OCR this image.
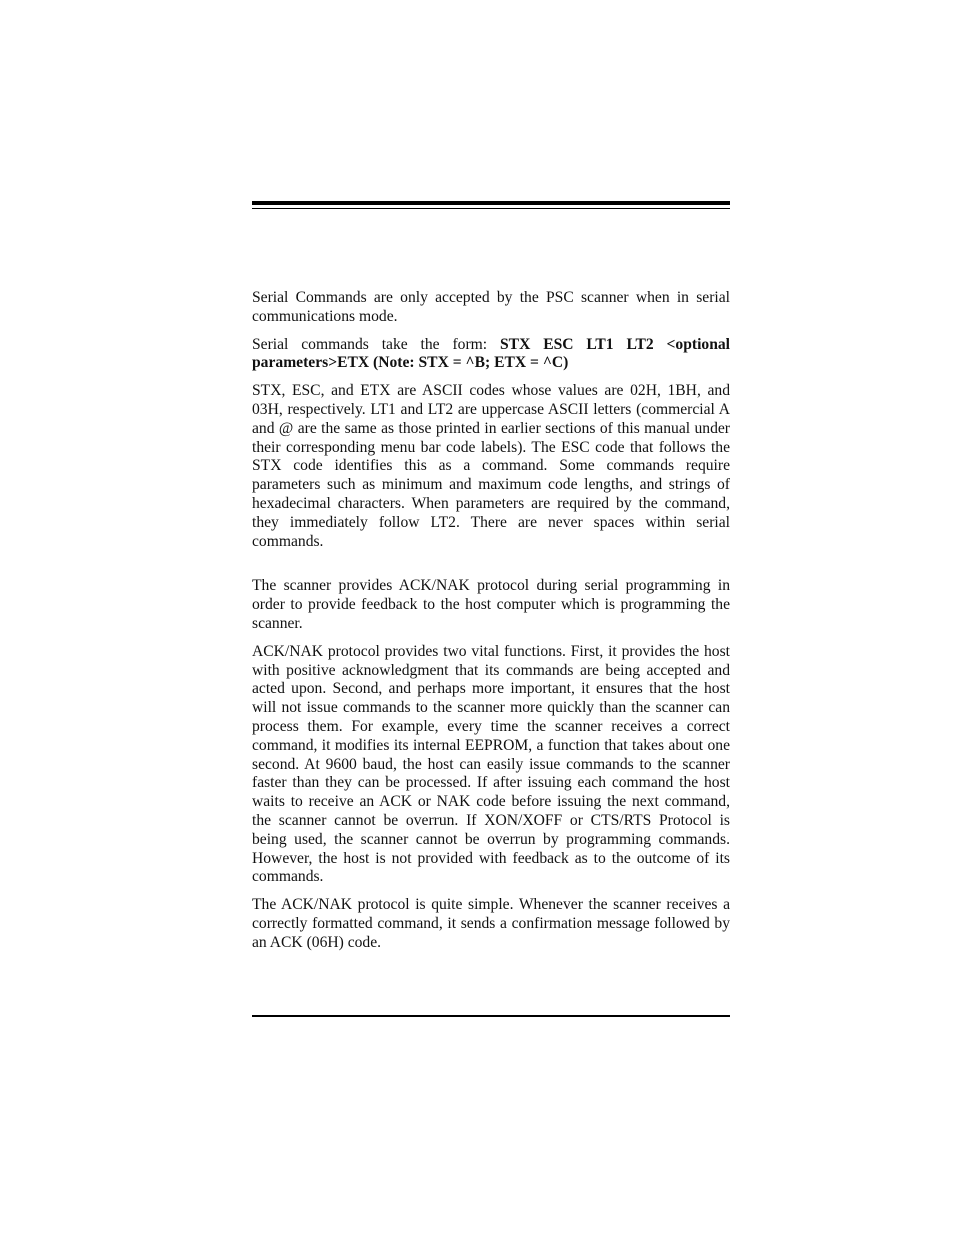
Serial Commands are only accepted by the PSC scanner when in serial communications mode.

Serial commands take the form: STX ESC LT1 LT2 <optional parameters>ETX (Note: STX = ^B; ETX = ^C)

STX, ESC, and ETX are ASCII codes whose values are 02H, 1BH, and 03H, respectively. LT1 and LT2 are uppercase ASCII letters (commercial A and @ are the same as those printed in earlier sections of this manual under their corresponding menu bar code labels). The ESC code that follows the STX code identifies this as a command. Some commands require parameters such as minimum and maximum code lengths, and strings of hexadecimal characters. When parameters are required by the command, they immediately follow LT2. There are never spaces within serial commands.

The scanner provides ACK/NAK protocol during serial programming in order to provide feedback to the host computer which is programming the scanner.

ACK/NAK protocol provides two vital functions. First, it provides the host with positive acknowledgment that its commands are being accepted and acted upon. Second, and perhaps more important, it ensures that the host will not issue commands to the scanner more quickly than the scanner can process them. For example, every time the scanner receives a correct command, it modifies its internal EEPROM, a function that takes about one second. At 9600 baud, the host can easily issue commands to the scanner faster than they can be processed. If after issuing each command the host waits to receive an ACK or NAK code before issuing the next command, the scanner cannot be overrun. If XON/XOFF or CTS/RTS Protocol is being used, the scanner cannot be overrun by programming commands. However, the host is not provided with feedback as to the outcome of its commands.

The ACK/NAK protocol is quite simple. Whenever the scanner receives a correctly formatted command, it sends a confirmation message followed by an ACK (06H) code.
